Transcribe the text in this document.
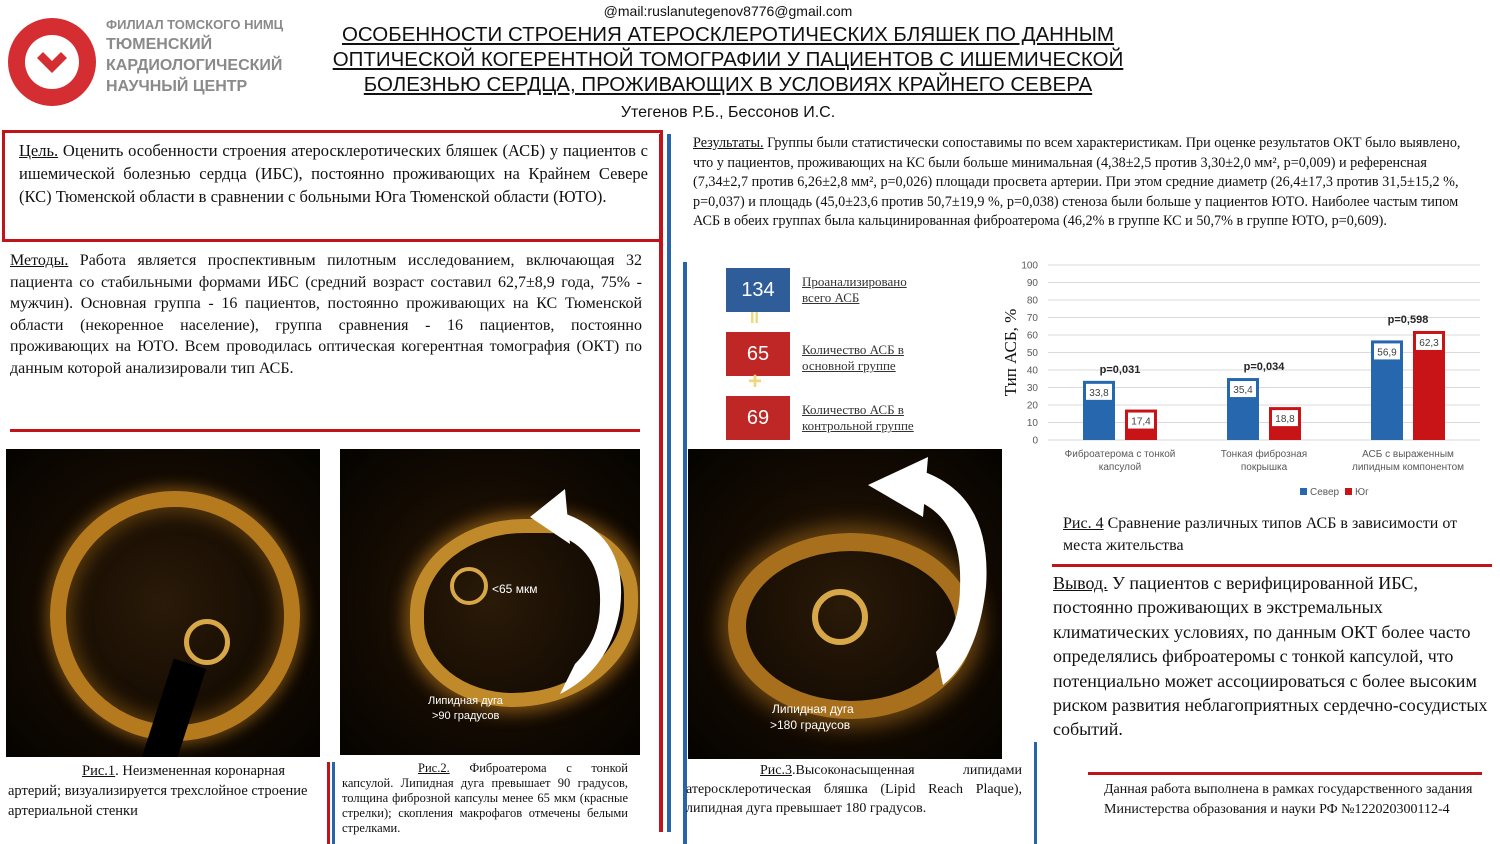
ФИЛИАЛ ТОМСКОГО НИМЦ
ТЮМЕНСКИЙ
КАРДИОЛОГИЧЕСКИЙ
НАУЧНЫЙ ЦЕНТР
@mail:ruslanutegenov8776@gmail.com
ОСОБЕННОСТИ СТРОЕНИЯ АТЕРОСКЛЕРОТИЧЕСКИХ БЛЯШЕК ПО ДАННЫМ
ОПТИЧЕСКОЙ КОГЕРЕНТНОЙ ТОМОГРАФИИ У ПАЦИЕНТОВ С ИШЕМИЧЕСКОЙ
БОЛЕЗНЬЮ СЕРДЦА, ПРОЖИВАЮЩИХ В УСЛОВИЯХ КРАЙНЕГО СЕВЕРА
Утегенов Р.Б., Бессонов И.С.
Цель. Оценить особенности строения атеросклеротических бляшек (АСБ) у пациентов с ишемической болезнью сердца (ИБС), постоянно проживающих на Крайнем Севере (КС) Тюменской области в сравнении с больными Юга Тюменской области (ЮТО).
Методы. Работа является проспективным пилотным исследованием, включающая 32 пациента со стабильными формами ИБС (средний возраст составил 62,7±8,9 года, 75% - мужчин). Основная группа - 16 пациентов, постоянно проживающих на КС Тюменской области (некоренное население), группа сравнения - 16 пациентов, постоянно проживающих на ЮТО. Всем проводилась оптическая когерентная томография (ОКТ) по данным которой анализировали тип АСБ.
Рис.1. Неизмененная коронарная артерий; визуализируется трехслойное строение артериальной стенки
<65 мкм
Липидная дуга
>90 градусов
Рис.2. Фиброатерома с тонкой капсулой. Липидная дуга превышает 90 градусов, толщина фиброзной капсулы менее 65 мкм (красные стрелки); скопления макрофагов отмечены белыми стрелками.
Результаты. Группы были статистически сопоставимы по всем характеристикам. При оценке результатов ОКТ было выявлено, что у пациентов, проживающих на КС были больше минимальная (4,38±2,5 против 3,30±2,0 мм², p=0,009) и референсная (7,34±2,7 против 6,26±2,8 мм², p=0,026) площади просвета артерии. При этом средние диаметр (26,4±17,3 против 31,5±15,2 %, p=0,037) и площадь (45,0±23,6 против 50,7±19,9 %, p=0,038) стеноза были больше у пациентов ЮТО. Наиболее частым типом АСБ в обеих группах была кальцинированная фиброатерома (46,2% в группе КС и 50,7% в группе ЮТО, p=0,609).
134
II
65
+
69
Проанализировано всего АСБ
Количество АСБ в основной группе
Количество АСБ в контрольной группе
Липидная дуга
>180 градусов
Рис.3.Высоконасыщенная липидами атеросклеротическая бляшка (Lipid Reach Plaque), липидная дуга превышает 180 градусов.
0
10
20
30
40
50
60
70
80
90
100
Тип АСБ, %	33,8
17,4
p=0,031
Фиброатерома с тонкой
капсулой
35,4
18,8
p=0,034
Тонкая фиброзная
покрышка
56,9
62,3
p=0,598
АСБ с выраженным
липидным компонентом
Север Юг
Рис. 4 Сравнение различных типов АСБ в зависимости от места жительства
Вывод. У пациентов с верифицированной ИБС, постоянно проживающих в экстремальных климатических условиях, по данным ОКТ более часто определялись фиброатеромы с тонкой капсулой, что потенциально может ассоциироваться с более высоким риском развития неблагоприятных сердечно-сосудистых событий.
Данная работа выполнена в рамках государственного задания Министерства образования и науки РФ №122020300112-4
